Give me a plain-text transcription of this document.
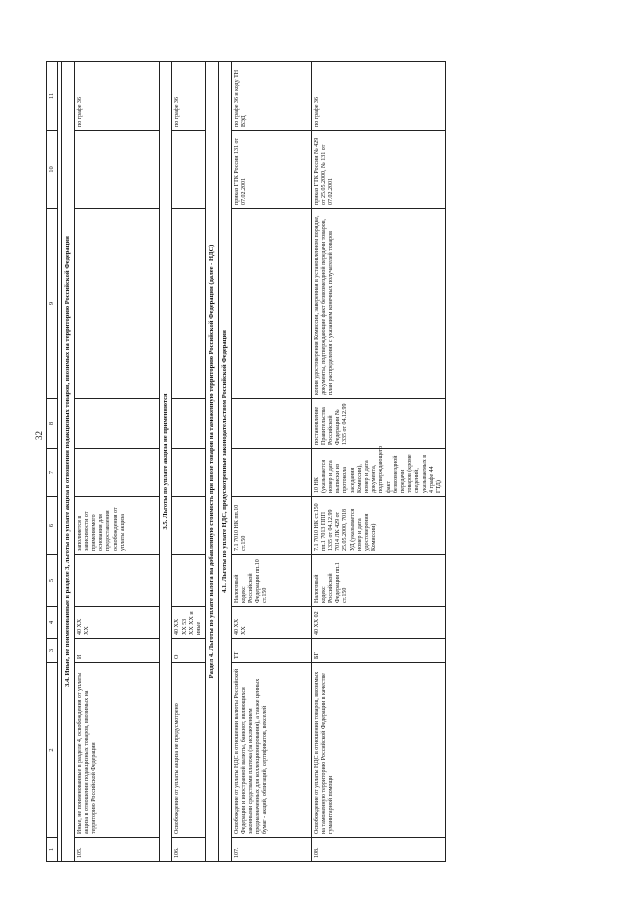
32
1	2	3	4	5	6	7	8	9	10	11

3.4. Иные, не поименованные в разделе 3, льготы по уплате акциза в отношении подакцизных товаров, ввозимых на территорию Российской Федерации										
105.	Иные, не поименованные в разделе 4, освобождения от уплаты акциза в отношении подакцизных товаров, ввозимых на территорию Российской Федерации	И	40 ХХ ХХ		заполняется в зависимости от применяемого основания для предоставления освобождения от уплаты акциза					по графе 36
3.5. Льготы по уплате акциза не применяются										
106.	Освобождение от уплаты акциза не предусмотрено	О	40 ХХ ХХ 53 ХХ ХХ и иные							по графе 36
Раздел 4. Льготы по уплате налога на добавленную стоимость при ввозе товаров на таможенную территорию Российской Федерации (далее - НДС)										
4.1. Льготы по уплате НДС, предусмотренные законодательством Российской Федерации										
107.	Освобождение от уплаты НДС в отношении валюты Российской Федерации и иностранной валюты, банкнот, являющихся законными средствами платежа (за исключением предназначенных для коллекционирования), а также ценных бумаг - акций, облигаций, сертификатов, векселей	ТТ	40 ХХ ХХ	Налоговый кодекс Российской Федерации пп.10 ст.150	7.1 7010 НК пп.10 ст.150				приказ ГТК России 131 от 07.02.2001	по графе 36 и коду ТН ВЭД
108.	Освобождение от уплаты НДС в отношении товаров, ввозимых на таможенную территорию Российской Федерации в качестве гуманитарной помощи	БГ	40 ХХ 02	Налоговый кодекс Российской Федерации пп.1 ст.150	7.1 7010 НК ст.150 пп.1 7013 ППП 1335 от 04.12.99 7014 ЛК 429 от 25.05.2000, 7018 УД (указывается номер и дата удостоверения Комиссии)	10 НК (указывается номер и дата выписки из протокола заседания Комиссии), номер и дата документа, подтверждающего факт безвозмездной передачи товаров (кроме сведений, указываемых в 4 графе 44 ГТД)	постановление Правительства Российской Федерации № 1335 от 04.12.99	копия удостоверения Комиссии, заверенная в установленном порядке, документы, подтверждающие факт безвозмездной передачи товаров, план распределения с указанием конечных получателей товаров	приказ ГТК России № 429 от 25.05.2000, № 131 от 07.02.2001	по графе 36
